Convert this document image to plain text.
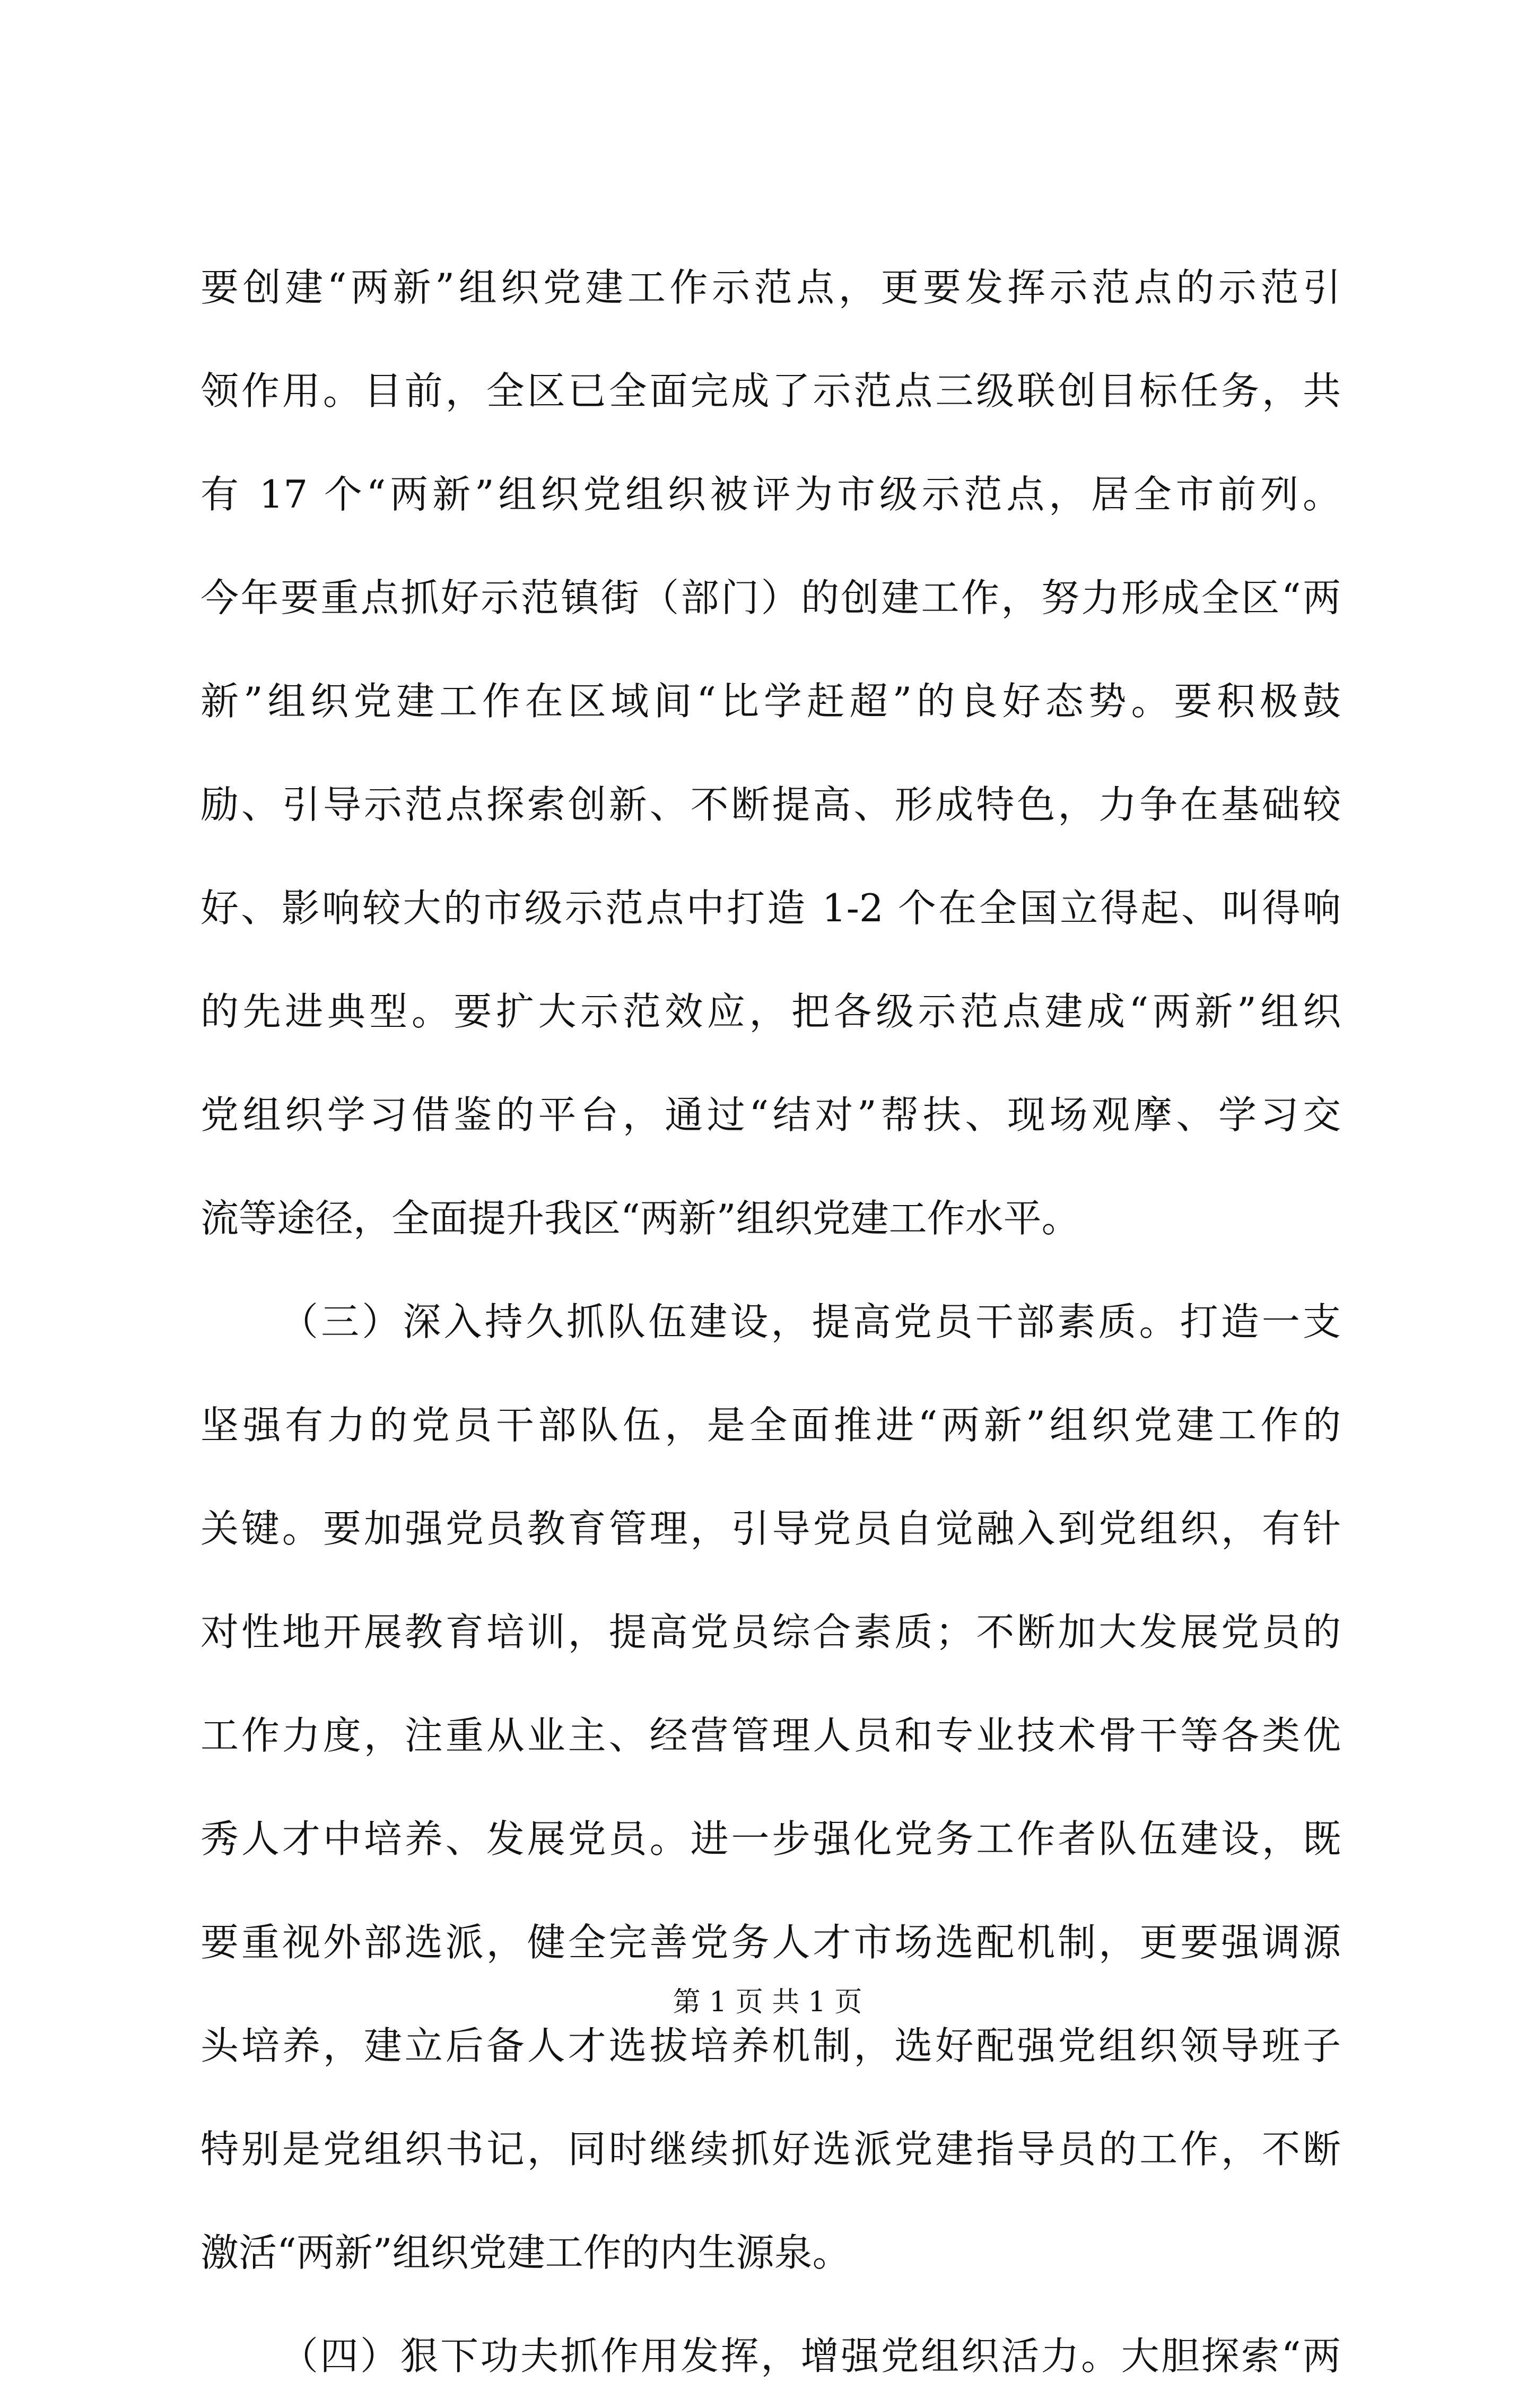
要创建“两新”组织党建工作示范点，更要发挥示范点的示范引
领作用。目前，全区已全面完成了示范点三级联创目标任务，共
有 17 个“两新”组织党组织被评为市级示范点，居全市前列。
今年要重点抓好示范镇街（部门）的创建工作，努力形成全区“两
新”组织党建工作在区域间“比学赶超”的良好态势。要积极鼓
励、引导示范点探索创新、不断提高、形成特色，力争在基础较
好、影响较大的市级示范点中打造 1-2 个在全国立得起、叫得响
的先进典型。要扩大示范效应，把各级示范点建成“两新”组织
党组织学习借鉴的平台，通过“结对”帮扶、现场观摩、学习交
流等途径，全面提升我区“两新”组织党建工作水平。
（三）深入持久抓队伍建设，提高党员干部素质。打造一支
坚强有力的党员干部队伍，是全面推进“两新”组织党建工作的
关键。要加强党员教育管理，引导党员自觉融入到党组织，有针
对性地开展教育培训，提高党员综合素质；不断加大发展党员的
工作力度，注重从业主、经营管理人员和专业技术骨干等各类优
秀人才中培养、发展党员。进一步强化党务工作者队伍建设，既
要重视外部选派，健全完善党务人才市场选配机制，更要强调源
头培养，建立后备人才选拔培养机制，选好配强党组织领导班子
特别是党组织书记，同时继续抓好选派党建指导员的工作，不断
激活“两新”组织党建工作的内生源泉。
（四）狠下功夫抓作用发挥，增强党组织活力。大胆探索“两
第 1 页 共 1 页
